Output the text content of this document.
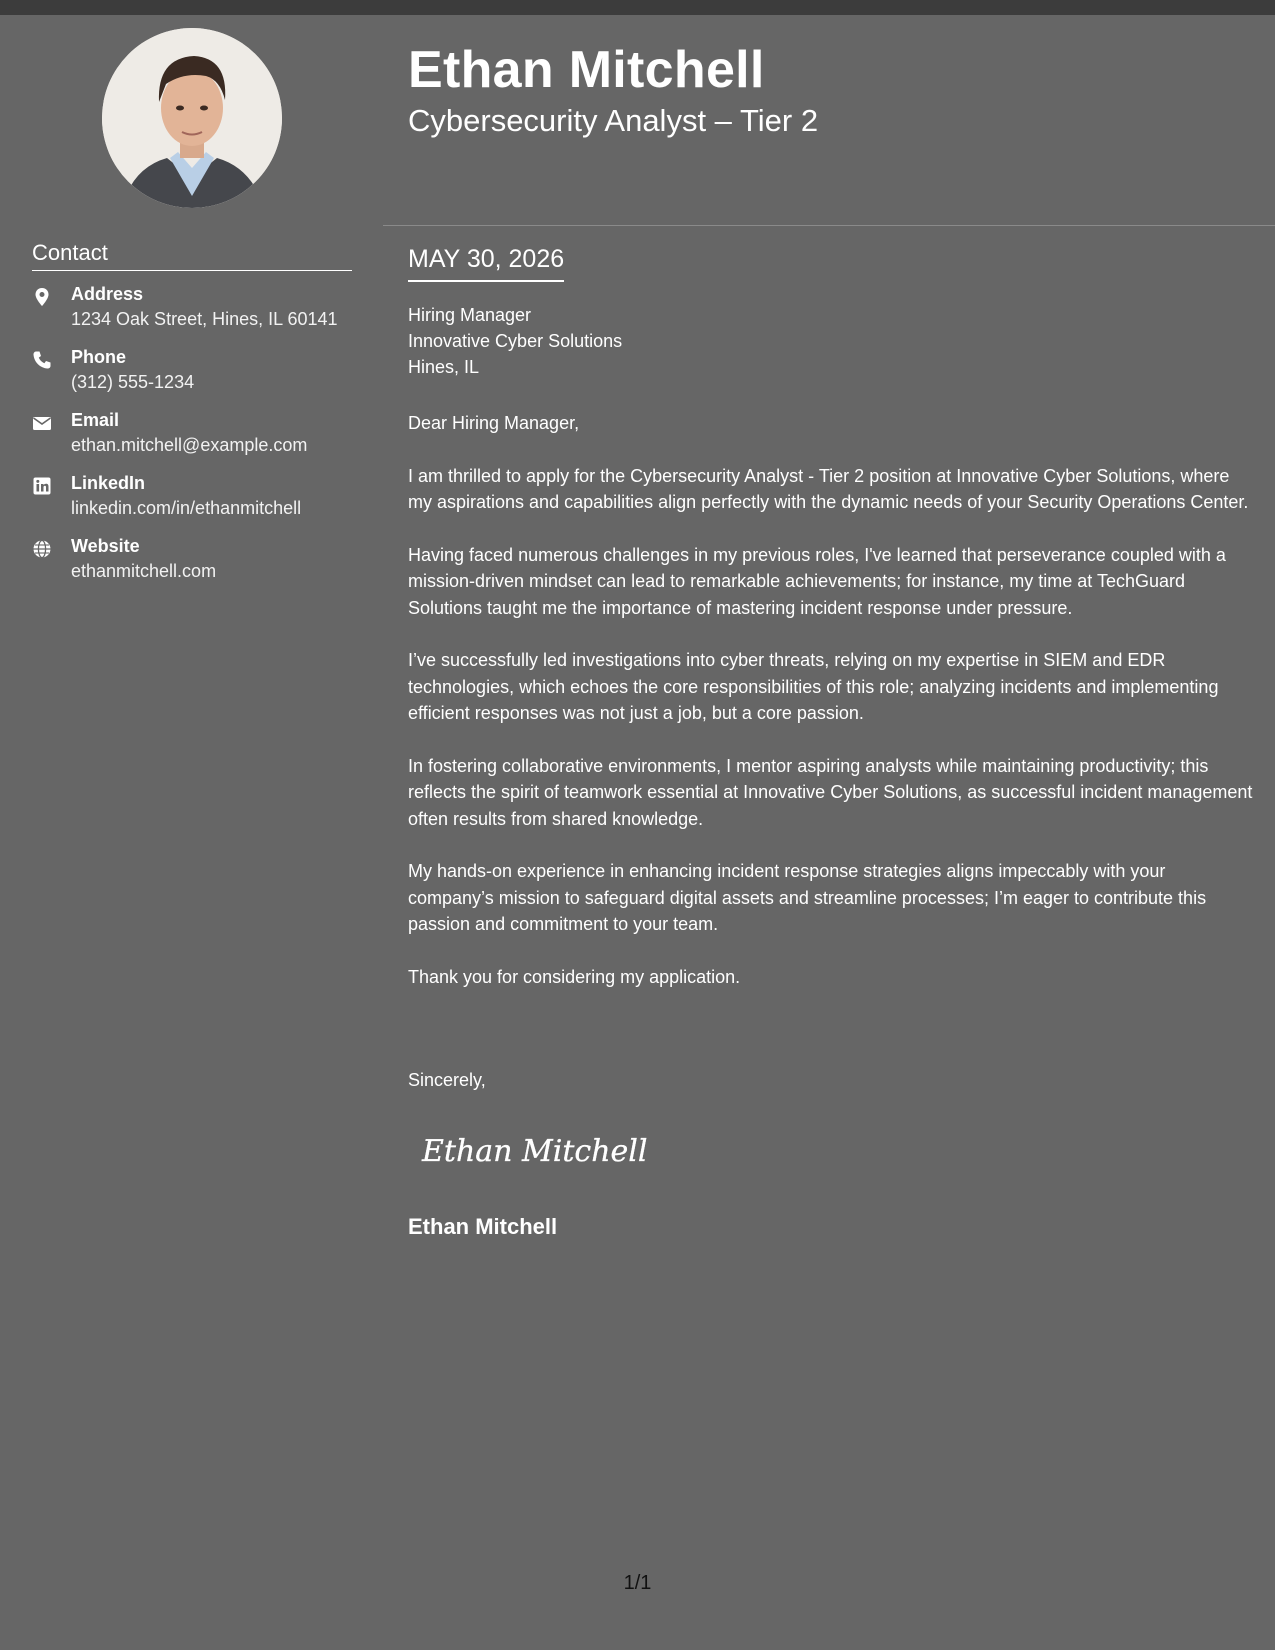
Contact
Address
1234 Oak Street, Hines, IL 60141
Phone
(312) 555-1234
Email
ethan.mitchell@example.com
LinkedIn
linkedin.com/in/ethanmitchell
Website
ethanmitchell.com
Ethan Mitchell
Cybersecurity Analyst – Tier 2
MAY 30, 2026
Hiring Manager
Innovative Cyber Solutions
Hines, IL

Dear Hiring Manager,

I am thrilled to apply for the Cybersecurity Analyst - Tier 2 position at Innovative Cyber Solutions, where my aspirations and capabilities align perfectly with the dynamic needs of your Security Operations Center.

Having faced numerous challenges in my previous roles, I've learned that perseverance coupled with a mission-driven mindset can lead to remarkable achievements; for instance, my time at TechGuard Solutions taught me the importance of mastering incident response under pressure.

I’ve successfully led investigations into cyber threats, relying on my expertise in SIEM and EDR technologies, which echoes the core responsibilities of this role; analyzing incidents and implementing efficient responses was not just a job, but a core passion.

In fostering collaborative environments, I mentor aspiring analysts while maintaining productivity; this reflects the spirit of teamwork essential at Innovative Cyber Solutions, as successful incident management often results from shared knowledge.

My hands-on experience in enhancing incident response strategies aligns impeccably with your company’s mission to safeguard digital assets and streamline processes; I’m eager to contribute this passion and commitment to your team.

Thank you for considering my application.

Sincerely,
Ethan Mitchell
Ethan Mitchell
1/1
